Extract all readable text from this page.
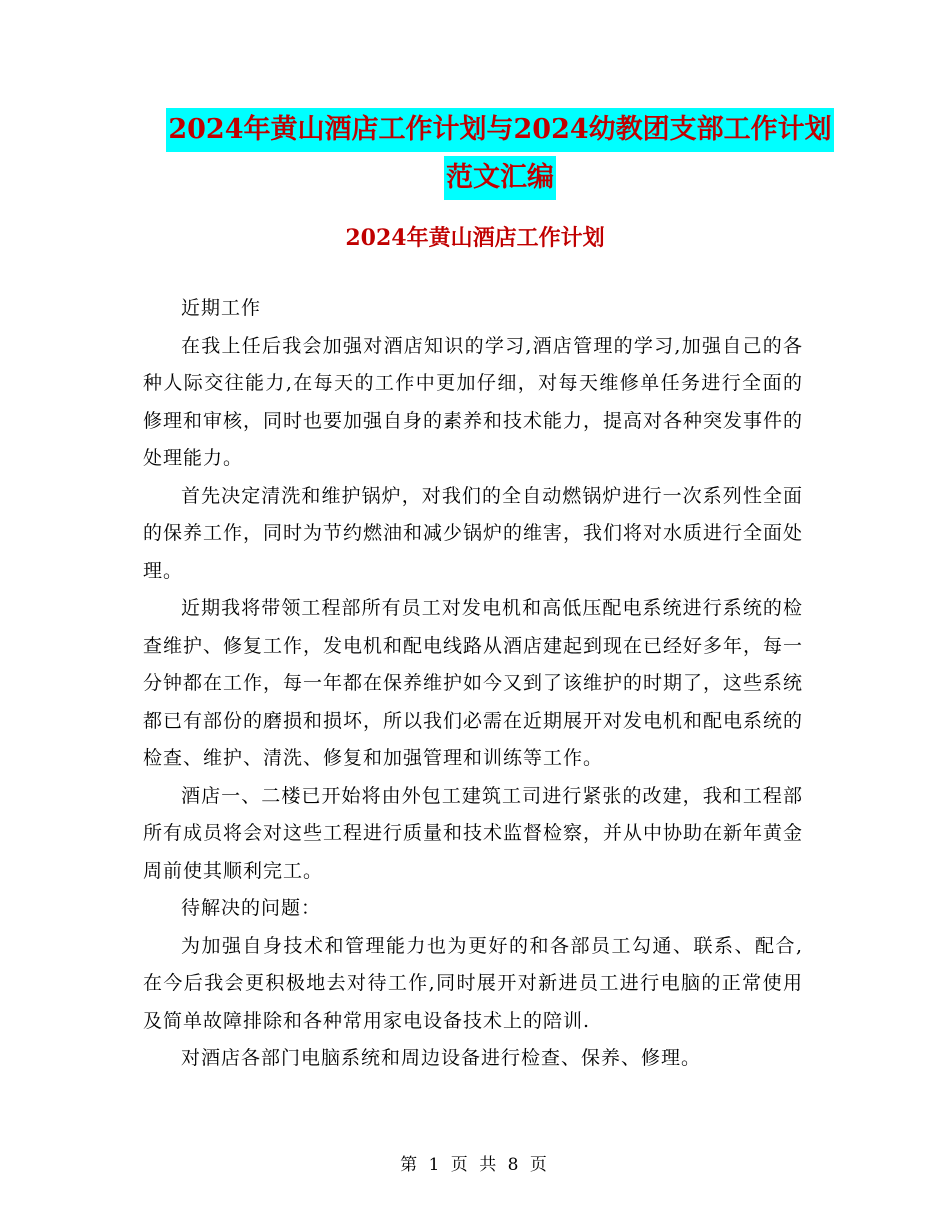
2024年黄山酒店工作计划与2024幼教团支部工作计划
范文汇编
2024年黄山酒店工作计划

近期工作

在我上任后我会加强对酒店知识的学习,酒店管理的学习,加强自己的各种人际交往能力,在每天的工作中更加仔细，对每天维修单任务进行全面的修理和审核，同时也要加强自身的素养和技术能力，提高对各种突发事件的处理能力。

首先决定清洗和维护锅炉，对我们的全自动燃锅炉进行一次系列性全面的保养工作，同时为节约燃油和减少锅炉的维害，我们将对水质进行全面处理。

近期我将带领工程部所有员工对发电机和高低压配电系统进行系统的检查维护、修复工作，发电机和配电线路从酒店建起到现在已经好多年，每一分钟都在工作，每一年都在保养维护如今又到了该维护的时期了，这些系统都已有部份的磨损和损坏，所以我们必需在近期展开对发电机和配电系统的检查、维护、清洗、修复和加强管理和训练等工作。

酒店一、二楼已开始将由外包工建筑工司进行紧张的改建，我和工程部所有成员将会对这些工程进行质量和技术监督检察，并从中协助在新年黄金周前使其顺利完工。

待解决的问题：

为加强自身技术和管理能力也为更好的和各部员工勾通、联系、配合,在今后我会更积极地去对待工作,同时展开对新进员工进行电脑的正常使用及简单故障排除和各种常用家电设备技术上的陪训.

对酒店各部门电脑系统和周边设备进行检查、保养、修理。

第 1 页 共 8 页
